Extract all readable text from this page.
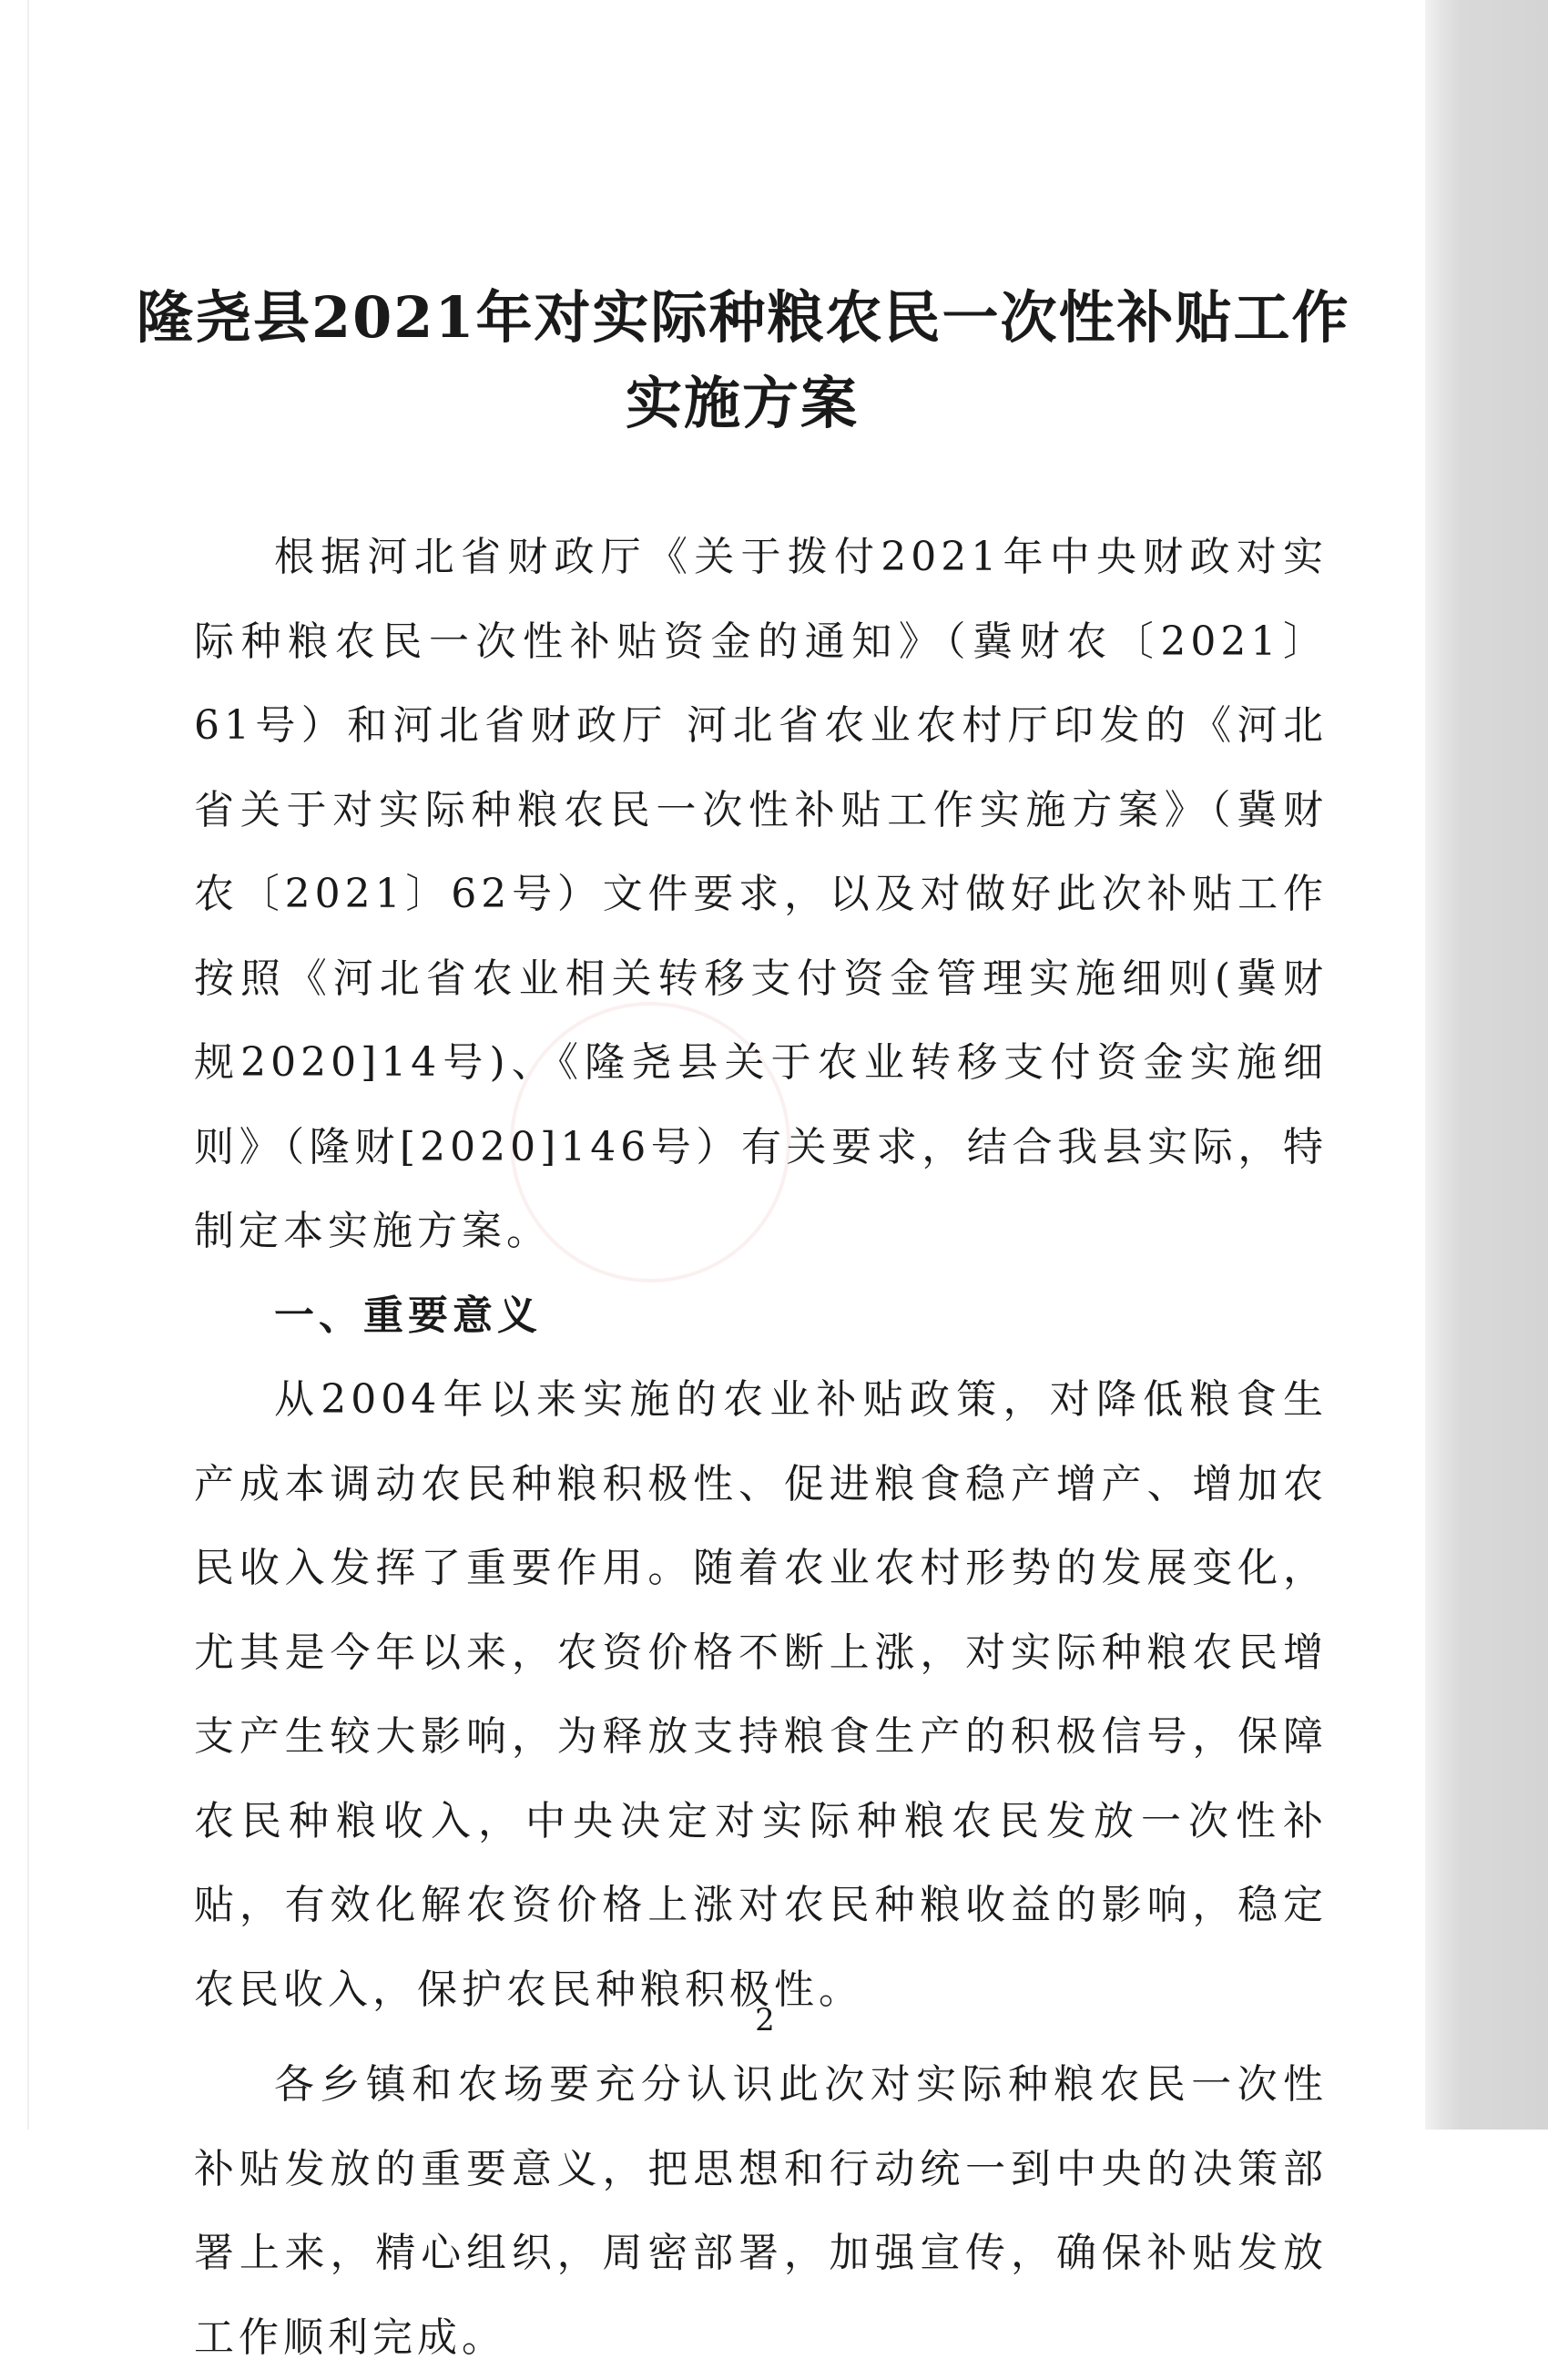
隆尧县2021年对实际种粮农民一次性补贴工作
实施方案

根据河北省财政厅《关于拨付2021年中央财政对实际种粮农民一次性补贴资金的通知》（冀财农〔2021〕61号）和河北省财政厅 河北省农业农村厅印发的《河北省关于对实际种粮农民一次性补贴工作实施方案》（冀财农〔2021〕62号）文件要求，以及对做好此次补贴工作按照《河北省农业相关转移支付资金管理实施细则(冀财规2020]14号)、《隆尧县关于农业转移支付资金实施细则》（隆财[2020]146号）有关要求，结合我县实际，特制定本实施方案。

一、重要意义

从2004年以来实施的农业补贴政策，对降低粮食生产成本调动农民种粮积极性、促进粮食稳产增产、增加农民收入发挥了重要作用。随着农业农村形势的发展变化，尤其是今年以来，农资价格不断上涨，对实际种粮农民增支产生较大影响，为释放支持粮食生产的积极信号，保障农民种粮收入，中央决定对实际种粮农民发放一次性补贴，有效化解农资价格上涨对农民种粮收益的影响，稳定农民收入，保护农民种粮积极性。

各乡镇和农场要充分认识此次对实际种粮农民一次性补贴发放的重要意义，把思想和行动统一到中央的决策部署上来，精心组织，周密部署，加强宣传，确保补贴发放工作顺利完成。

2
